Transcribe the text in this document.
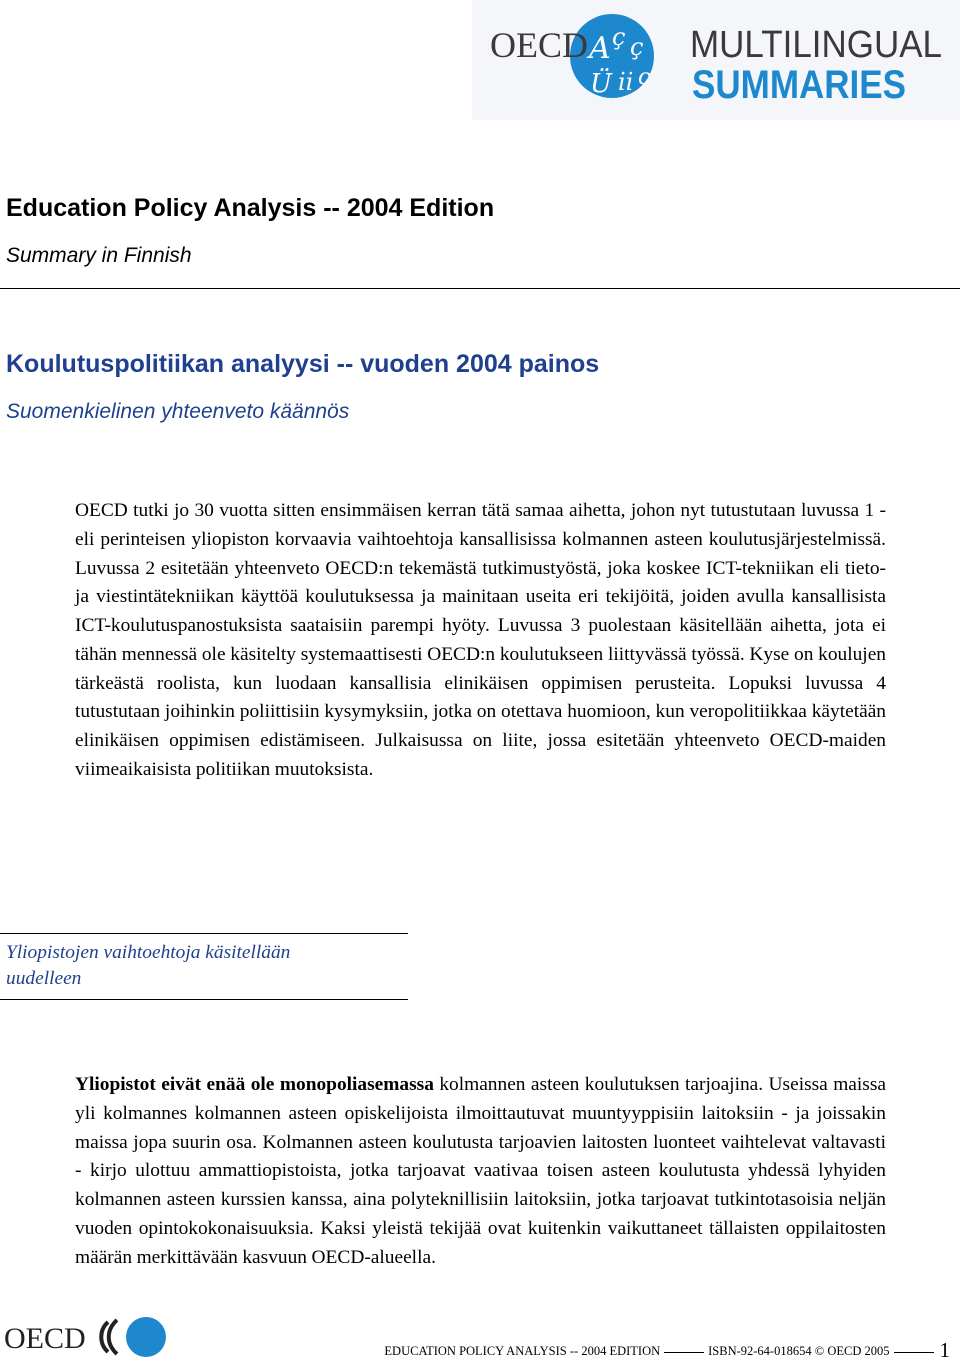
A ç ç
Ü ii ç
OECD	MULTILINGUAL
SUMMARIES
Education Policy Analysis -- 2004 Edition
Summary in Finnish
Koulutuspolitiikan analyysi -- vuoden 2004 painos
Suomenkielinen yhteenveto käännös

OECD tutki jo 30 vuotta sitten ensimmäisen kerran tätä samaa aihetta, johon nyt tutustutaan luvussa 1 - eli perinteisen yliopiston korvaavia vaihtoehtoja kansallisissa kolmannen asteen koulutusjärjestelmissä. Luvussa 2 esitetään yhteenveto OECD:n tekemästä tutkimustyöstä, joka koskee ICT-tekniikan eli tieto- ja viestintätekniikan käyttöä koulutuksessa ja mainitaan useita eri tekijöitä, joiden avulla kansallisista ICT-koulutuspanostuksista saataisiin parempi hyöty. Luvussa 3 puolestaan käsitellään aihetta, jota ei tähän mennessä ole käsitelty systemaattisesti OECD:n koulutukseen liittyvässä työssä. Kyse on koulujen tärkeästä roolista, kun luodaan kansallisia elinikäisen oppimisen perusteita. Lopuksi luvussa 4 tutustutaan joihinkin poliittisiin kysymyksiin, jotka on otettava huomioon, kun veropolitiikkaa käytetään elinikäisen oppimisen edistämiseen. Julkaisussa on liite, jossa esitetään yhteenveto OECD-maiden viimeaikaisista politiikan muutoksista.

Yliopistojen vaihtoehtoja käsitellään uudelleen

Yliopistot eivät enää ole monopoliasemassa kolmannen asteen koulutuksen tarjoajina. Useissa maissa yli kolmannes kolmannen asteen opiskelijoista ilmoittautuvat muuntyyppisiin laitoksiin - ja joissakin maissa jopa suurin osa. Kolmannen asteen koulutusta tarjoavien laitosten luonteet vaihtelevat valtavasti - kirjo ulottuu ammattiopistoista, jotka tarjoavat vaativaa toisen asteen koulutusta yhdessä lyhyiden kolmannen asteen kurssien kanssa, aina polyteknillisiin laitoksiin, jotka tarjoavat tutkintotasoisia neljän vuoden opintokokonaisuuksia. Kaksi yleistä tekijää ovat kuitenkin vaikuttaneet tällaisten oppilaitosten määrän merkittävään kasvuun OECD-alueella.

OECD	EDUCATION POLICY ANALYSIS -- 2004 EDITION	ISBN-92-64-018654 © OECD 2005 1
